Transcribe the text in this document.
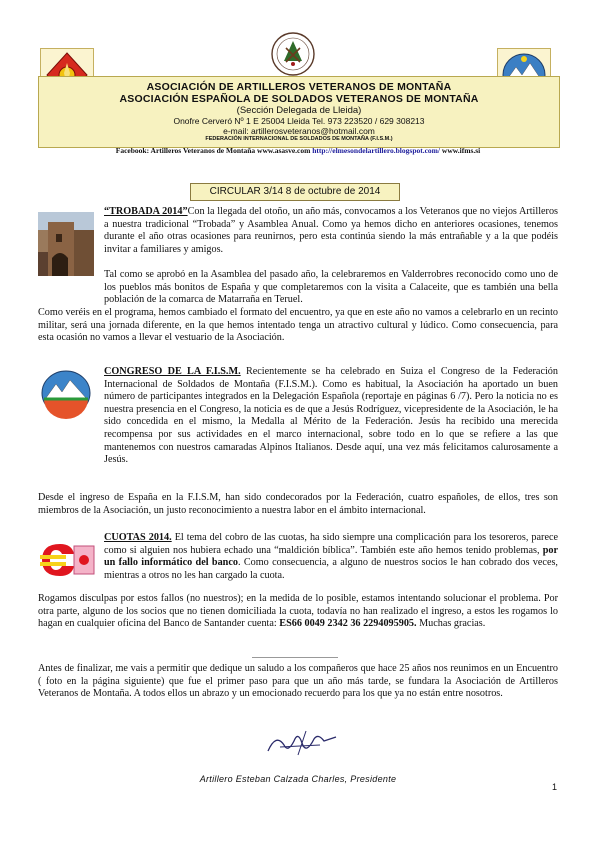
ASOCIACIÓN DE ARTILLEROS VETERANOS DE MONTAÑA
ASOCIACIÓN ESPAÑOLA DE SOLDADOS VETERANOS DE MONTAÑA
(Sección Delegada de Lleida)
Onofre Cerveró Nº 1 E 25004 Lleida Tel. 973 223520 / 629 308213
e-mail: artillerosveteranos@hotmail.com
FEDERACIÓN INTERNACIONAL DE SOLDADOS DE MONTAÑA (F.I.S.M.)
Facebook: Artilleros Veteranos de Montaña www.asasve.com http://elmesondelartillero.blogspot.com/ www.ifms.si
CIRCULAR 3/14 8 de octubre de 2014
“TROBADA 2014”Con la llegada del otoño, un año más, convocamos a los Veteranos que no viejos Artilleros a nuestra tradicional “Trobada” y Asamblea Anual. Como ya hemos dicho en anteriores ocasiones, tenemos durante el año otras ocasiones para reunirnos, pero esta continúa siendo la más entrañable y a la que podéis invitar a familiares y amigos.
Tal como se aprobó en la Asamblea del pasado año, la celebraremos en Valderrobres reconocido como uno de los pueblos más bonitos de España y que completaremos con la visita a Calaceite, que es también una bella población de la comarca de Matarraña en Teruel.
Como veréis en el programa, hemos cambiado el formato del encuentro, ya que en este año no vamos a celebrarlo en un recinto militar, será una jornada diferente, en la que hemos intentado tenga un atractivo cultural y lúdico. Como consecuencia, para esta ocasión no vamos a llevar el vestuario de la Asociación.
CONGRESO DE LA F.I.S.M. Recientemente se ha celebrado en Suiza el Congreso de la Federación Internacional de Soldados de Montaña (F.I.S.M.). Como es habitual, la Asociación ha aportado un buen número de participantes integrados en la Delegación Española (reportaje en páginas 6 /7). Pero la noticia no es nuestra presencia en el Congreso, la noticia es de que a Jesús Rodríguez, vicepresidente de la Asociación, le ha sido concedida en el mismo, la Medalla al Mérito de la Federación. Jesús ha recibido una merecida recompensa por sus actividades en el marco internacional, sobre todo en lo que se refiere a las que mantenemos con nuestros camaradas Alpinos Italianos. Desde aquí, una vez más felicitamos calurosamente a Jesús.
Desde el ingreso de España en la F.I.S.M, han sido condecorados por la Federación, cuatro españoles, de ellos, tres son miembros de la Asociación, un justo reconocimiento a nuestra labor en el ámbito internacional.
CUOTAS 2014. El tema del cobro de las cuotas, ha sido siempre una complicación para los tesoreros, parece como si alguien nos hubiera echado una “maldición bíblica”. También este año hemos tenido problemas, por un fallo informático del banco. Como consecuencia, a alguno de nuestros socios le han cobrado dos veces, mientras a otros no les han cargado la cuota.
Rogamos disculpas por estos fallos (no nuestros); en la medida de lo posible, estamos intentando solucionar el problema. Por otra parte, alguno de los socios que no tienen domiciliada la cuota, todavía no han realizado el ingreso, a estos les rogamos lo hagan en cualquier oficina del Banco de Santander cuenta: ES66 0049 2342 36 2294095905. Muchas gracias.
Antes de finalizar, me vais a permitir que dedique un saludo a los compañeros que hace 25 años nos reunimos en un Encuentro ( foto en la página siguiente) que fue el primer paso para que un año más tarde, se fundara la Asociación de Artilleros Veteranos de Montaña. A todos ellos un abrazo y un emocionado recuerdo para los que ya no están entre nosotros.
Artillero Esteban Calzada Charles, Presidente
1
